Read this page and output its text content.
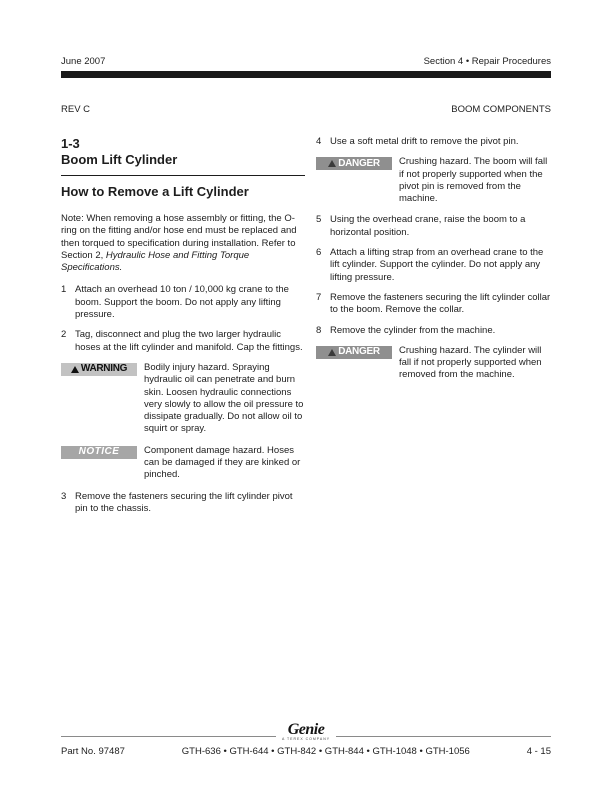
June 2007	Section 4 • Repair Procedures
REV C	BOOM COMPONENTS
1-3
Boom Lift Cylinder
How to Remove a Lift Cylinder

Note: When removing a hose assembly or fitting, the O-ring on the fitting and/or hose end must be replaced and then torqued to specification during installation. Refer to Section 2, Hydraulic Hose and Fitting Torque Specifications.

1 Attach an overhead 10 ton / 10,000 kg crane to the boom. Support the boom. Do not apply any lifting pressure.
2 Tag, disconnect and plug the two larger hydraulic hoses at the lift cylinder and manifold. Cap the fittings.
WARNING Bodily injury hazard. Spraying hydraulic oil can penetrate and burn skin. Loosen hydraulic connections very slowly to allow the oil pressure to dissipate gradually. Do not allow oil to squirt or spray.
NOTICE	Component damage hazard. Hoses can be damaged if they are kinked or pinched.
3 Remove the fasteners securing the lift cylinder pivot pin to the chassis.
4 Use a soft metal drift to remove the pivot pin.
DANGER Crushing hazard. The boom will fall if not properly supported when the pivot pin is removed from the machine.
5 Using the overhead crane, raise the boom to a horizontal position.
6 Attach a lifting strap from an overhead crane to the lift cylinder. Support the cylinder. Do not apply any lifting pressure.
7 Remove the fasteners securing the lift cylinder collar to the boom. Remove the collar.
8 Remove the cylinder from the machine.
DANGER Crushing hazard. The cylinder will fall if not properly supported when removed from the machine.
Genie
A TEREX COMPANY
Part No. 97487	GTH-636 • GTH-644 • GTH-842 • GTH-844 • GTH-1048 • GTH-1056	4 - 15
